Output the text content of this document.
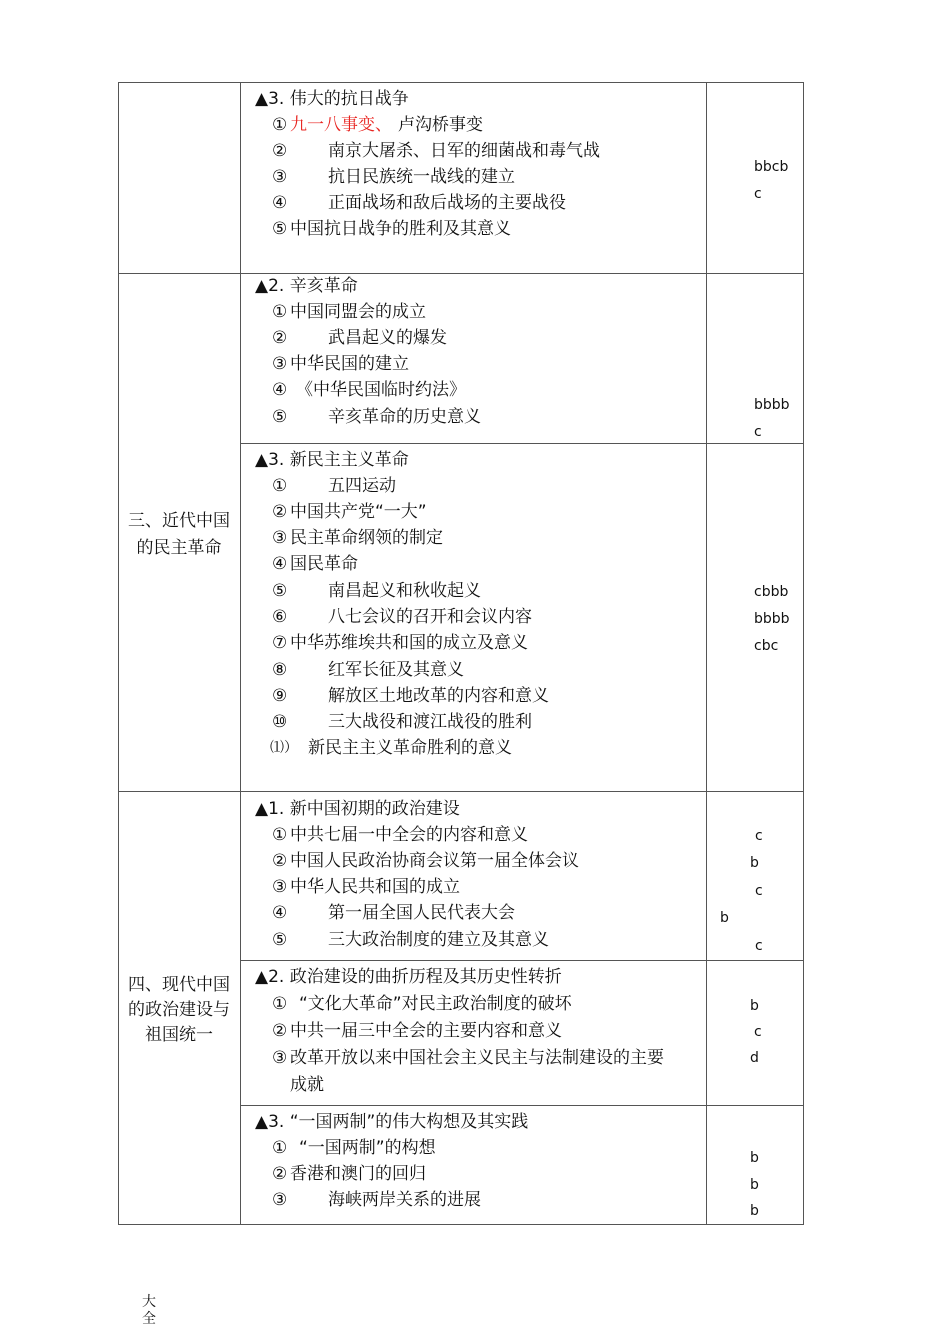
三、近代中国
的民主革命
四、现代中国
的政治建设与
祖国统一
▲3. 伟大的抗日战争
① 九一八事变、 卢沟桥事变
② 南京大屠杀、日军的细菌战和毒气战
③ 抗日民族统一战线的建立
④ 正面战场和敌后战场的主要战役
⑤ 中国抗日战争的胜利及其意义
bbcb
c
▲2. 辛亥革命
① 中国同盟会的成立
② 武昌起义的爆发
③ 中华民国的建立
④ 《中华民国临时约法》
⑤ 辛亥革命的历史意义
bbbb
c
▲3. 新民主主义革命
① 五四运动
② 中国共产党“一大”
③ 民主革命纲领的制定
④ 国民革命
⑤ 南昌起义和秋收起义
⑥ 八七会议的召开和会议内容
⑦ 中华苏维埃共和国的成立及意义
⑧ 红军长征及其意义
⑨ 解放区土地改革的内容和意义
⑩ 三大战役和渡江战役的胜利
⑴） 新民主主义革命胜利的意义
cbbb
bbbb
cbc
▲1. 新中国初期的政治建设
① 中共七届一中全会的内容和意义
② 中国人民政治协商会议第一届全体会议
③ 中华人民共和国的成立
④ 第一届全国人民代表大会
⑤ 三大政治制度的建立及其意义
c
b
c
b
c
▲2. 政治建设的曲折历程及其历史性转折
① “文化大革命”对民主政治制度的破坏
② 中共一届三中全会的主要内容和意义
③ 改革开放以来中国社会主义民主与法制建设的主要
成就
b
c
d
▲3. “一国两制”的伟大构想及其实践
① “一国两制”的构想
② 香港和澳门的回归
③ 海峡两岸关系的进展
b
b
b
大
全
